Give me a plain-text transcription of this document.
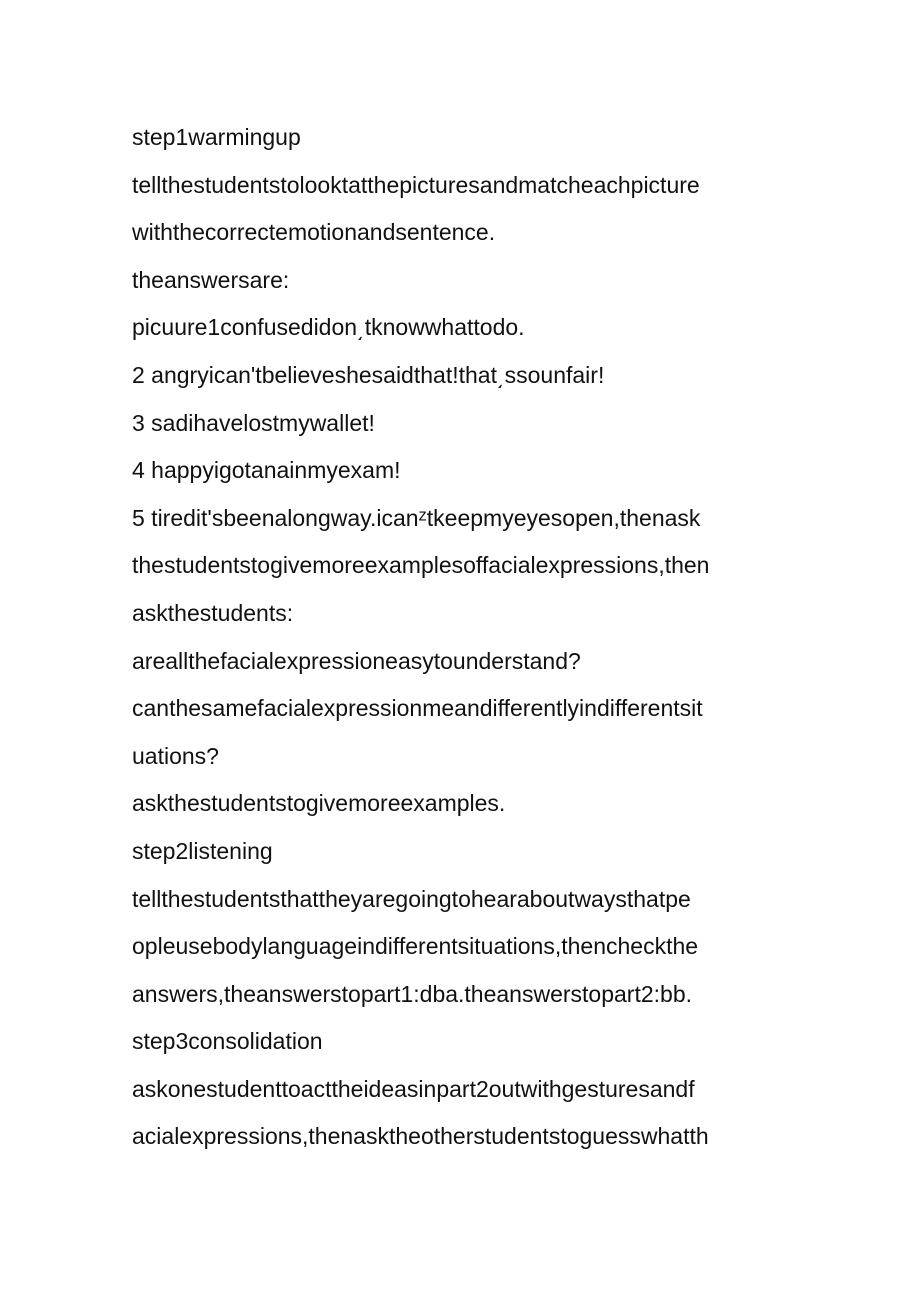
step1warmingup
tellthestudentstolooktatthepicturesandmatcheachpicture
withthecorrectemotionandsentence.
theanswersare:
picuure1confusedidon͵tknowwhattodo.
2 angryican'tbelieveshesaidthat!that͵ssounfair!
3 sadihavelostmywallet!
4 happyigotanainmyexam!
5 tiredit'sbeenalongway.icanᶻtkeepmyeyesopen,thenask
thestudentstogivemoreexamplesoffacialexpressions,then
askthestudents:
areallthefacialexpressioneasytounderstand?
canthesamefacialexpressionmeandifferentlyindifferentsit
uations?
askthestudentstogivemoreexamples.
step2listening
tellthestudentsthattheyaregoingtohearaboutwaysthatpe
opleusebodylanguageindifferentsituations,thencheckthe
answers,theanswerstopart1:dba.theanswerstopart2:bb.
step3consolidation
askonestudenttoacttheideasinpart2outwithgesturesandf
acialexpressions,thenasktheotherstudentstoguesswhatth
